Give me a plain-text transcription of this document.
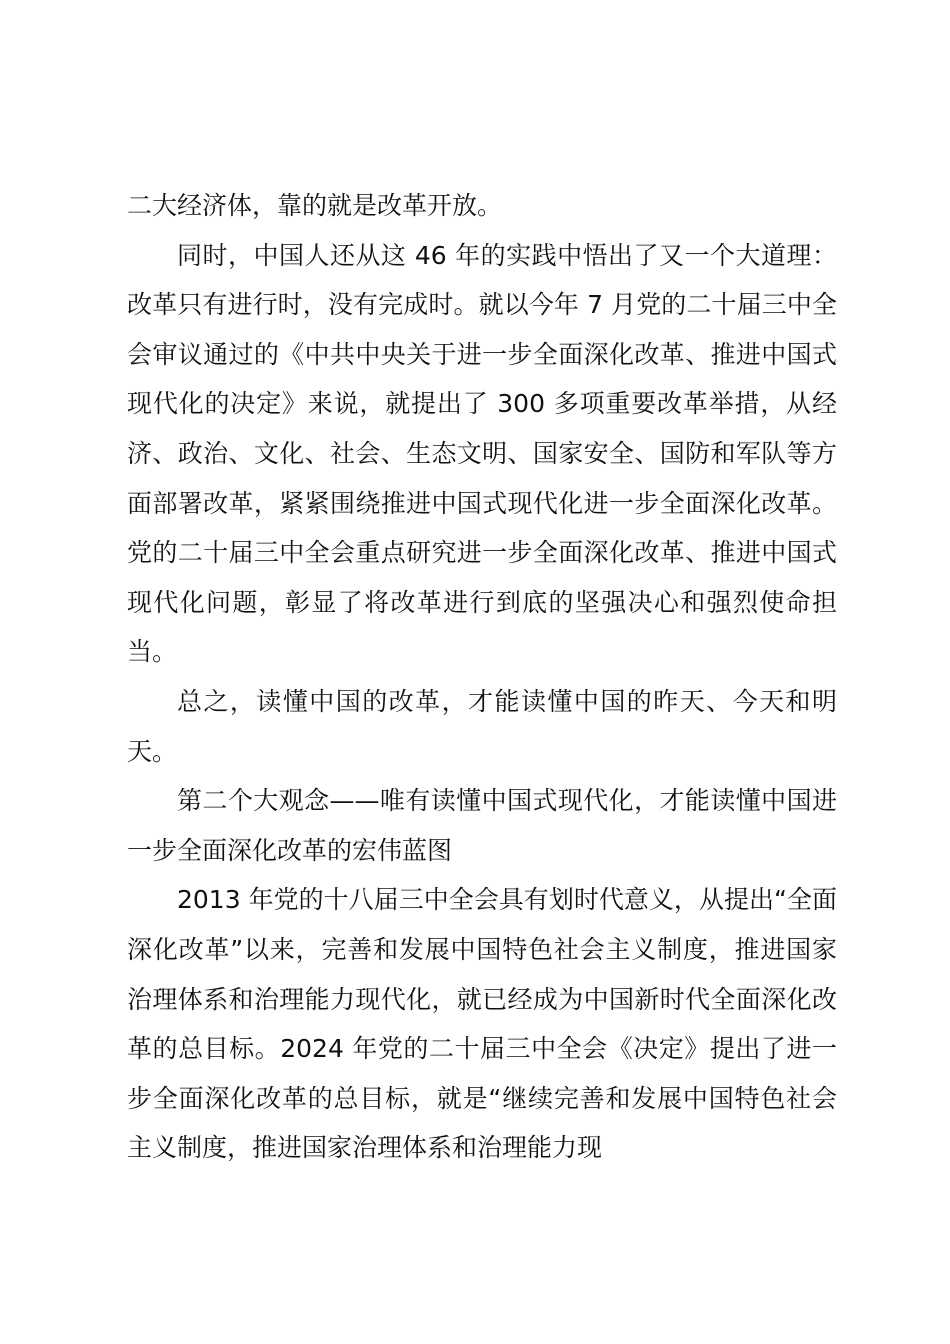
二大经济体，靠的就是改革开放。

同时，中国人还从这 46 年的实践中悟出了又一个大道理：改革只有进行时，没有完成时。就以今年 7 月党的二十届三中全会审议通过的《中共中央关于进一步全面深化改革、推进中国式现代化的决定》来说，就提出了 300 多项重要改革举措，从经济、政治、文化、社会、生态文明、国家安全、国防和军队等方面部署改革，紧紧围绕推进中国式现代化进一步全面深化改革。党的二十届三中全会重点研究进一步全面深化改革、推进中国式现代化问题，彰显了将改革进行到底的坚强决心和强烈使命担当。

总之，读懂中国的改革，才能读懂中国的昨天、今天和明天。

第二个大观念——唯有读懂中国式现代化，才能读懂中国进一步全面深化改革的宏伟蓝图

2013 年党的十八届三中全会具有划时代意义，从提出“全面深化改革”以来，完善和发展中国特色社会主义制度，推进国家治理体系和治理能力现代化，就已经成为中国新时代全面深化改革的总目标。2024 年党的二十届三中全会《决定》提出了进一步全面深化改革的总目标，就是“继续完善和发展中国特色社会主义制度，推进国家治理体系和治理能力现
